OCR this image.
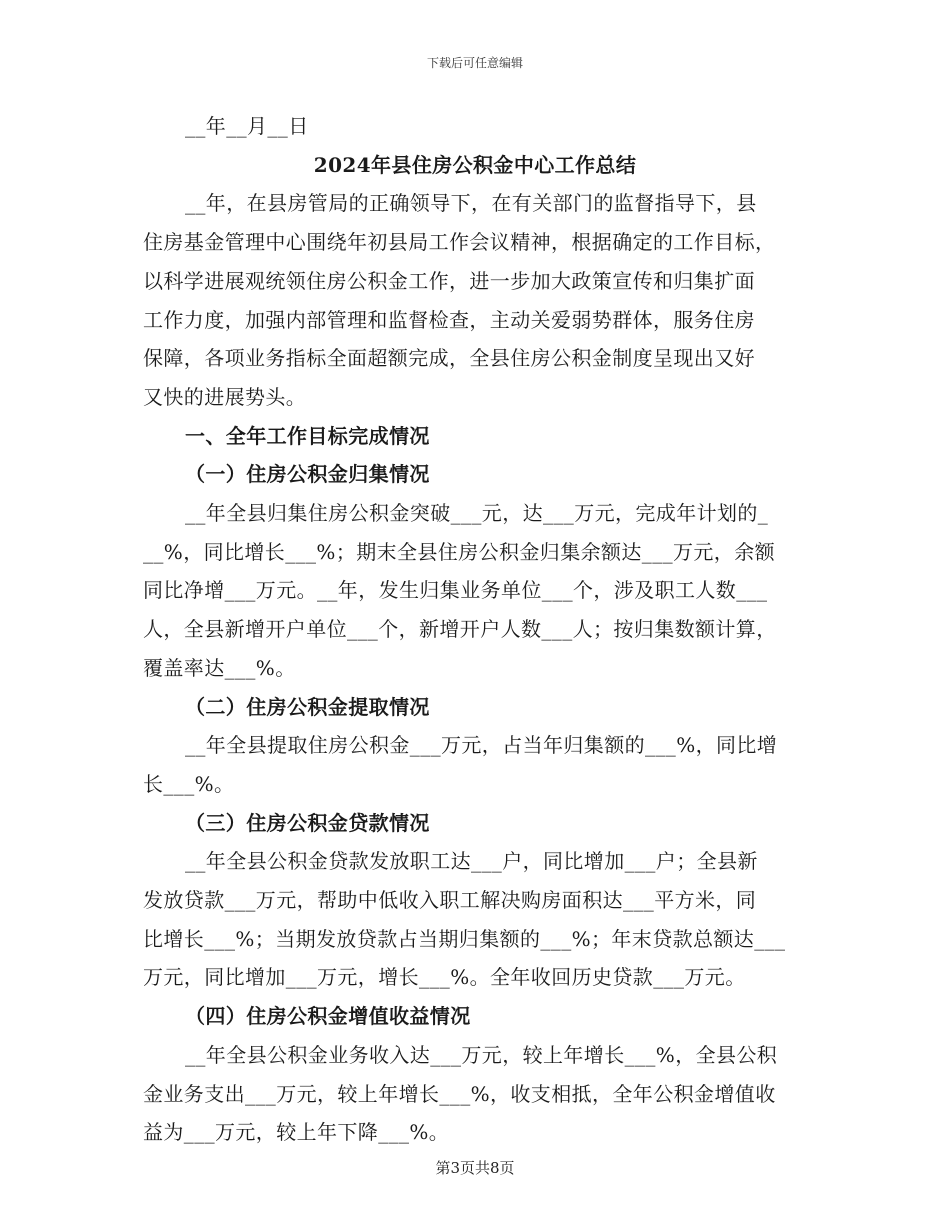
下载后可任意编辑
__年__月__日
2024年县住房公积金中心工作总结
__年，在县房管局的正确领导下，在有关部门的监督指导下，县
住房基金管理中心围绕年初县局工作会议精神，根据确定的工作目标，
以科学进展观统领住房公积金工作，进一步加大政策宣传和归集扩面
工作力度，加强内部管理和监督检查，主动关爱弱势群体，服务住房
保障，各项业务指标全面超额完成，全县住房公积金制度呈现出又好
又快的进展势头。
一、全年工作目标完成情况
（一）住房公积金归集情况
__年全县归集住房公积金突破___元，达___万元，完成年计划的_
__%，同比增长___%；期末全县住房公积金归集余额达___万元，余额
同比净增___万元。__年，发生归集业务单位___个，涉及职工人数___
人，全县新增开户单位___个，新增开户人数___人；按归集数额计算，
覆盖率达___%。
（二）住房公积金提取情况
__年全县提取住房公积金___万元，占当年归集额的___%，同比增
长___%。
（三）住房公积金贷款情况
__年全县公积金贷款发放职工达___户，同比增加___户；全县新
发放贷款___万元，帮助中低收入职工解决购房面积达___平方米，同
比增长___%；当期发放贷款占当期归集额的___%；年末贷款总额达___
万元，同比增加___万元，增长___%。全年收回历史贷款___万元。
（四）住房公积金增值收益情况
__年全县公积金业务收入达___万元，较上年增长___%，全县公积
金业务支出___万元，较上年增长___%，收支相抵，全年公积金增值收
益为___万元，较上年下降___%。
第3页共8页
